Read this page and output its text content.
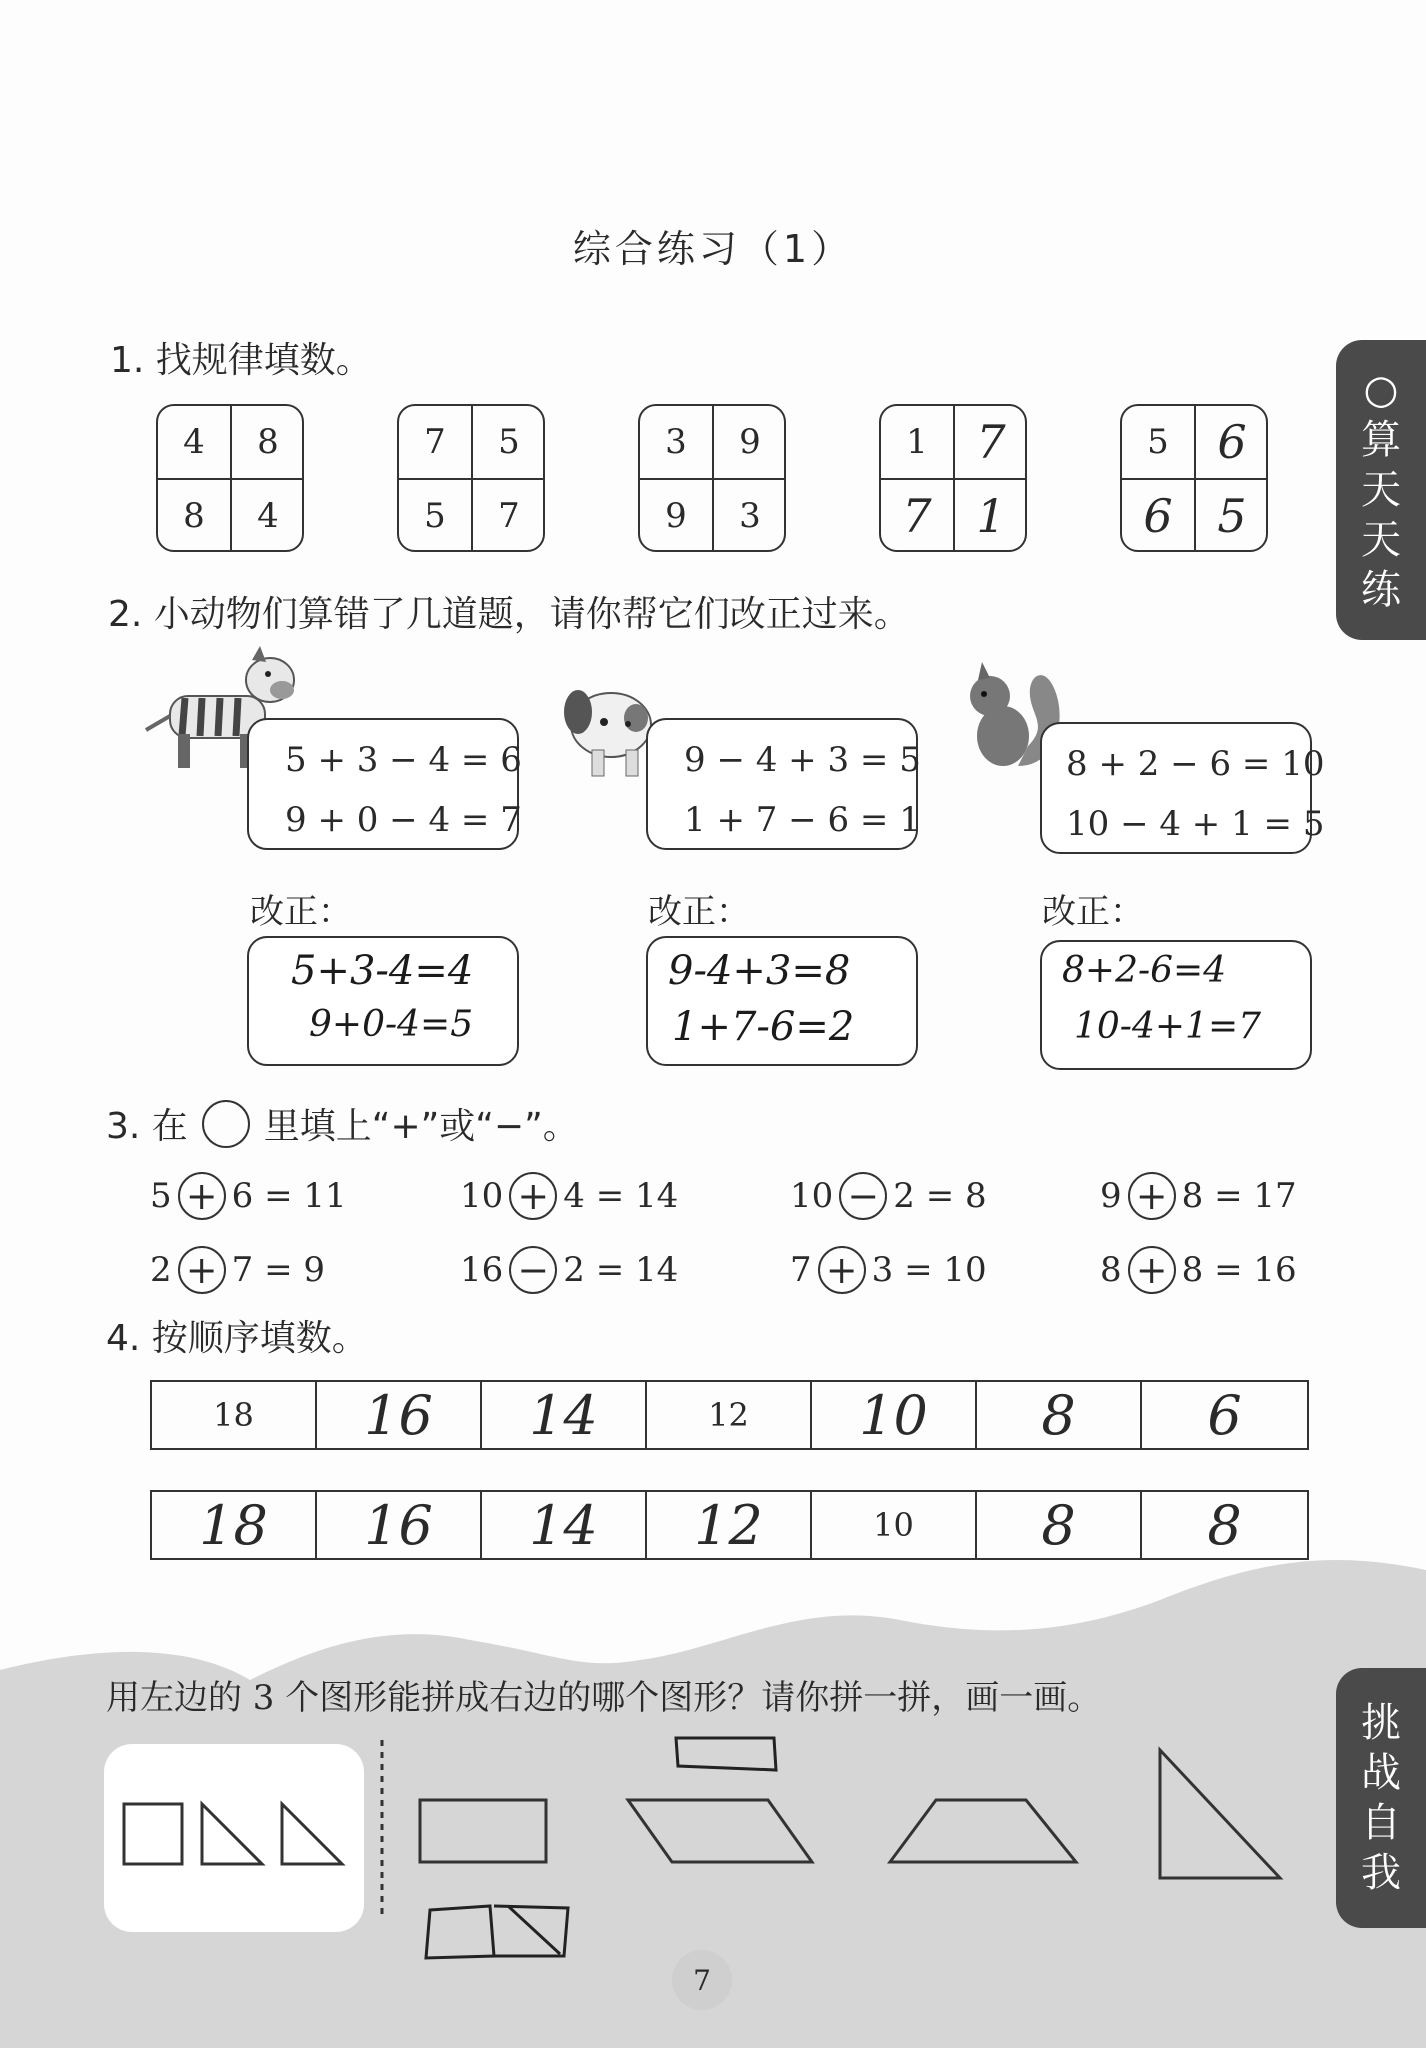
综合练习（1）
○
算
天
天
练
挑
战
自
我
1. 找规律填数。
4	8
8	4
7	5
5	7
3	9
9	3
1	7
7 1
5	6
6 5
2. 小动物们算错了几道题，请你帮它们改正过来。
5 + 3 − 4 = 6
9 + 0 − 4 = 7
9 − 4 + 3 = 5
1 + 7 − 6 = 1
8 + 2 − 6 = 10
10 − 4 + 1 = 5
改正：	改正：	改正：
5+3-4=4
9+0-4=5
9-4+3=8
1+7-6=2
8+2-6=4
10-4+1=7
3. 在 里填上“+”或“−”。
5 + 6 = 11	10 + 4 = 14	10 − 2 = 8	9 + 8 = 17
2 + 7 = 9	16 − 2 = 14	7 + 3 = 10	8 + 8 = 16
4. 按顺序填数。
18	16	14	12	10	8	6
18	16	14	12	10	8	8
用左边的 3 个图形能拼成右边的哪个图形？请你拼一拼，画一画。
7
